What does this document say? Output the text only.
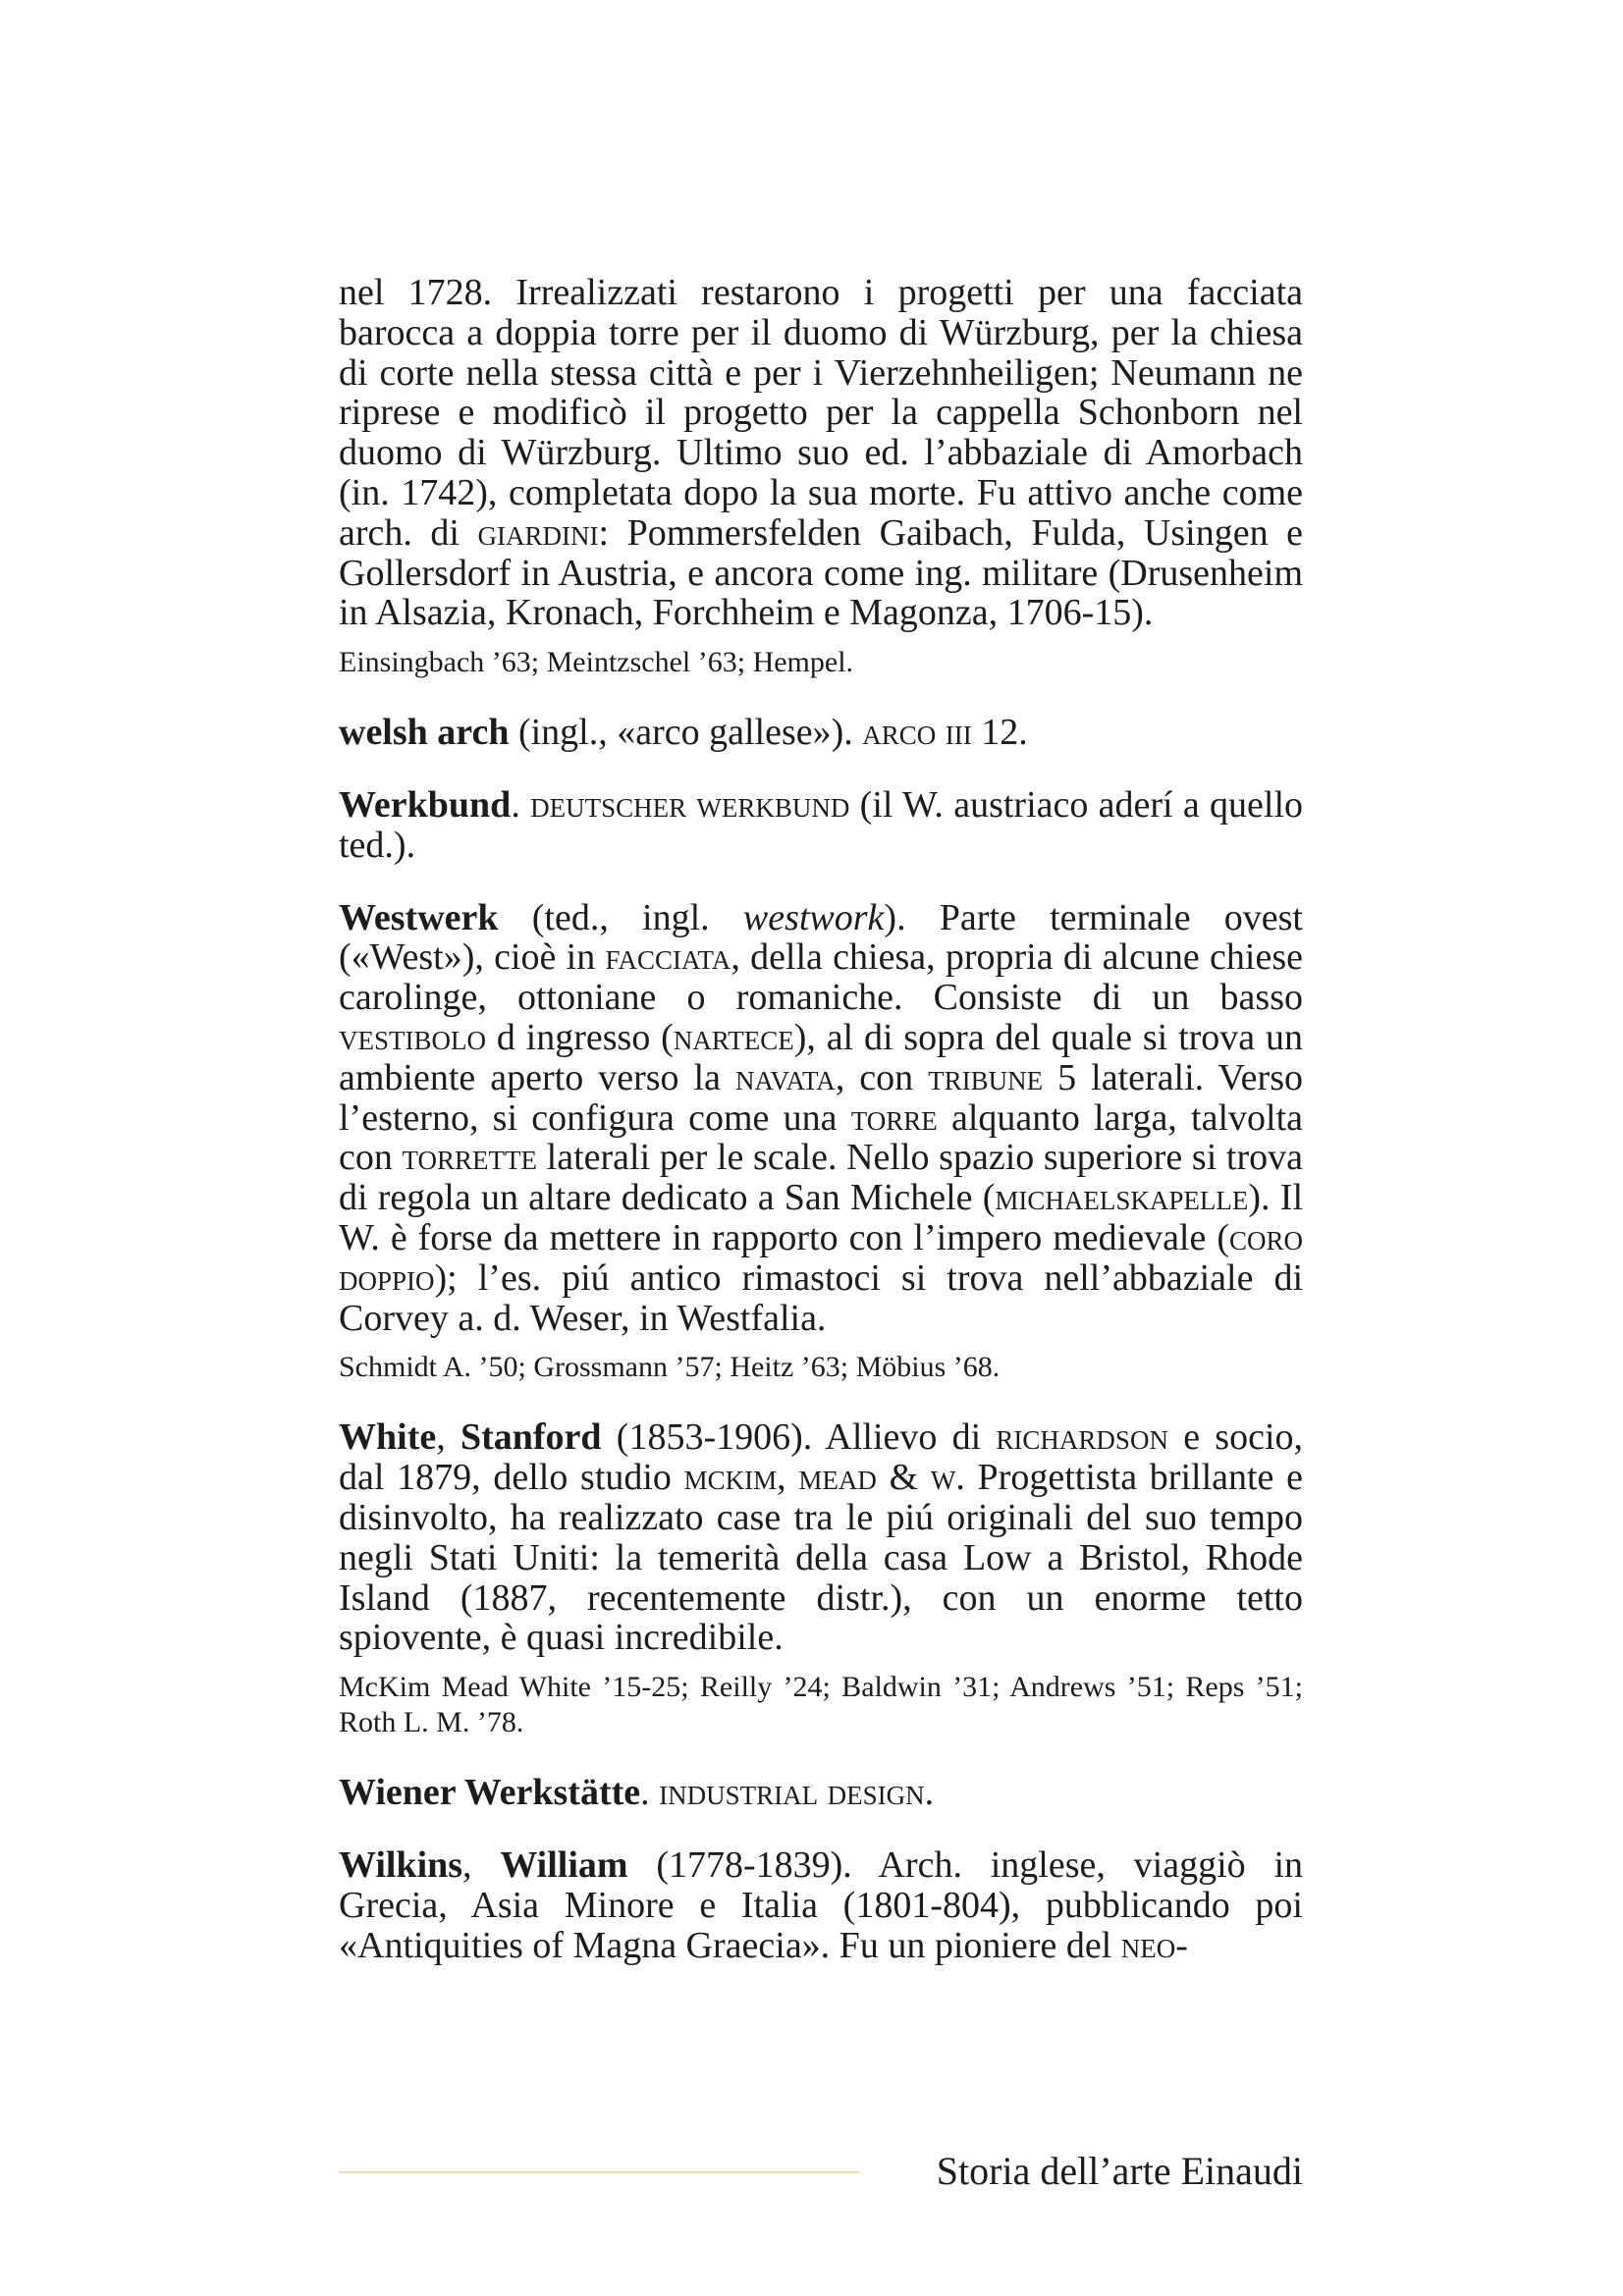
nel 1728. Irrealizzati restarono i progetti per una facciata barocca a doppia torre per il duomo di Würzburg, per la chiesa di corte nella stessa città e per i Vierzehnheiligen; Neumann ne riprese e modificò il progetto per la cappella Schonborn nel duomo di Würzburg. Ultimo suo ed. l’abbaziale di Amorbach (in. 1742), completata dopo la sua morte. Fu attivo anche come arch. di giardini: Pommersfelden Gaibach, Fulda, Usingen e Gollersdorf in Austria, e ancora come ing. militare (Drusenheim in Alsazia, Kronach, Forchheim e Magonza, 1706-15).

Einsingbach ’63; Meintzschel ’63; Hempel.

welsh arch (ingl., «arco gallese»). arco iii 12.

Werkbund. deutscher werkbund (il W. austriaco aderí a quello ted.).

Westwerk (ted., ingl. westwork). Parte terminale ovest («West»), cioè in facciata, della chiesa, propria di alcune chiese carolinge, ottoniane o romaniche. Consiste di un basso vestibolo d ingresso (nartece), al di sopra del quale si trova un ambiente aperto verso la navata, con tribune 5 laterali. Verso l’esterno, si configura come una torre alquanto larga, talvolta con torrette laterali per le scale. Nello spazio superiore si trova di regola un altare dedicato a San Michele (michaelskapelle). Il W. è forse da mettere in rapporto con l’impero medievale (coro doppio); l’es. piú antico rimastoci si trova nell’abbaziale di Corvey a. d. Weser, in Westfalia.

Schmidt A. ’50; Grossmann ’57; Heitz ’63; Möbius ’68.

White, Stanford (1853-1906). Allievo di richardson e socio, dal 1879, dello studio mckim, mead & w. Progettista brillante e disinvolto, ha realizzato case tra le piú originali del suo tempo negli Stati Uniti: la temerità della casa Low a Bristol, Rhode Island (1887, recentemente distr.), con un enorme tetto spiovente, è quasi incredibile.

McKim Mead White ’15-25; Reilly ’24; Baldwin ’31; Andrews ’51; Reps ’51; Roth L. M. ’78.

Wiener Werkstätte. industrial design.

Wilkins, William (1778-1839). Arch. inglese, viaggiò in Grecia, Asia Minore e Italia (1801-804), pubblicando poi «Antiquities of Magna Graecia». Fu un pioniere del neo-

Storia dell’arte Einaudi
